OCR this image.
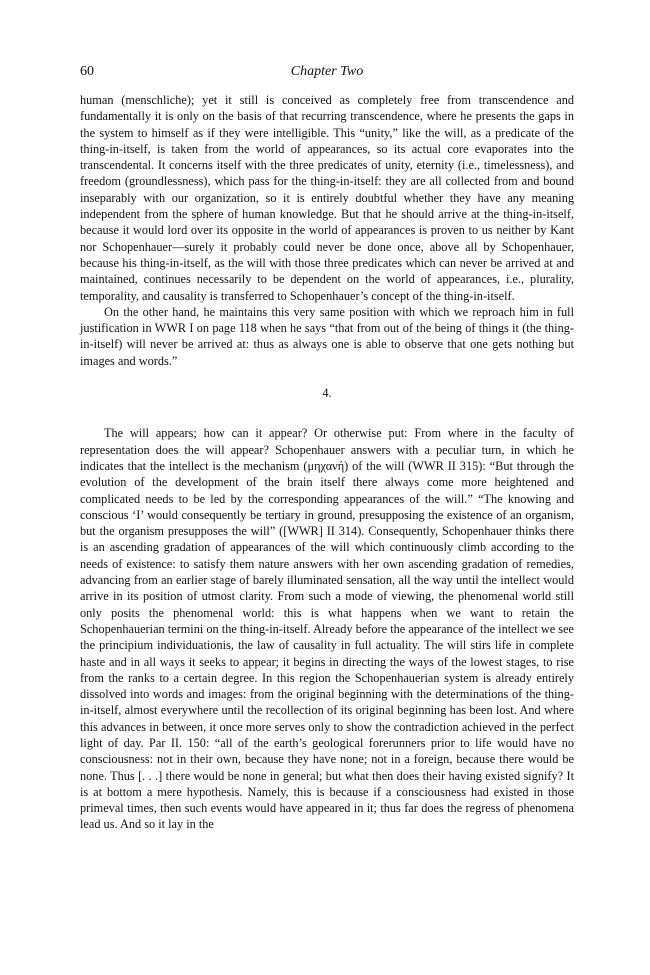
60	Chapter Two

human (menschliche); yet it still is conceived as completely free from transcendence and fundamentally it is only on the basis of that recurring transcendence, where he presents the gaps in the system to himself as if they were intelligible. This “unity,” like the will, as a predicate of the thing-in-itself, is taken from the world of appearances, so its actual core evaporates into the transcendental. It concerns itself with the three predicates of unity, eternity (i.e., timelessness), and freedom (groundlessness), which pass for the thing-in-itself: they are all collected from and bound inseparably with our organization, so it is entirely doubtful whether they have any meaning independent from the sphere of human knowledge. But that he should arrive at the thing-in-itself, because it would lord over its opposite in the world of appearances is proven to us neither by Kant nor Schopenhauer—surely it probably could never be done once, above all by Schopenhauer, because his thing-in-itself, as the will with those three predicates which can never be arrived at and maintained, continues necessarily to be dependent on the world of appearances, i.e., plurality, temporality, and causality is transferred to Schopenhauer’s concept of the thing-in-itself.

On the other hand, he maintains this very same position with which we reproach him in full justification in WWR I on page 118 when he says “that from out of the being of things it (the thing-in-itself) will never be arrived at: thus as always one is able to observe that one gets nothing but images and words.”

4.

The will appears; how can it appear? Or otherwise put: From where in the faculty of representation does the will appear? Schopenhauer answers with a peculiar turn, in which he indicates that the intellect is the mechanism (μηχανή) of the will (WWR II 315): “But through the evolution of the development of the brain itself there always come more heightened and complicated needs to be led by the corresponding appearances of the will.” “The knowing and conscious ‘I’ would consequently be tertiary in ground, presupposing the existence of an organism, but the organism presupposes the will” ([WWR] II 314). Consequently, Schopenhauer thinks there is an ascending gradation of appearances of the will which continuously climb according to the needs of existence: to satisfy them nature answers with her own ascending gradation of remedies, advancing from an earlier stage of barely illuminated sensation, all the way until the intellect would arrive in its position of utmost clarity. From such a mode of viewing, the phenomenal world still only posits the phenomenal world: this is what happens when we want to retain the Schopenhauerian termini on the thing-in-itself. Already before the appearance of the intellect we see the principium individuationis, the law of causality in full actuality. The will stirs life in complete haste and in all ways it seeks to appear; it begins in directing the ways of the lowest stages, to rise from the ranks to a certain degree. In this region the Schopenhauerian system is already entirely dissolved into words and images: from the original beginning with the determinations of the thing-in-itself, almost everywhere until the recollection of its original beginning has been lost. And where this advances in between, it once more serves only to show the contradiction achieved in the perfect light of day. Par II. 150: “all of the earth’s geological forerunners prior to life would have no consciousness: not in their own, because they have none; not in a foreign, because there would be none. Thus [. . .] there would be none in general; but what then does their having existed signify? It is at bottom a mere hypothesis. Namely, this is because if a consciousness had existed in those primeval times, then such events would have appeared in it; thus far does the regress of phenomena lead us. And so it lay in the
